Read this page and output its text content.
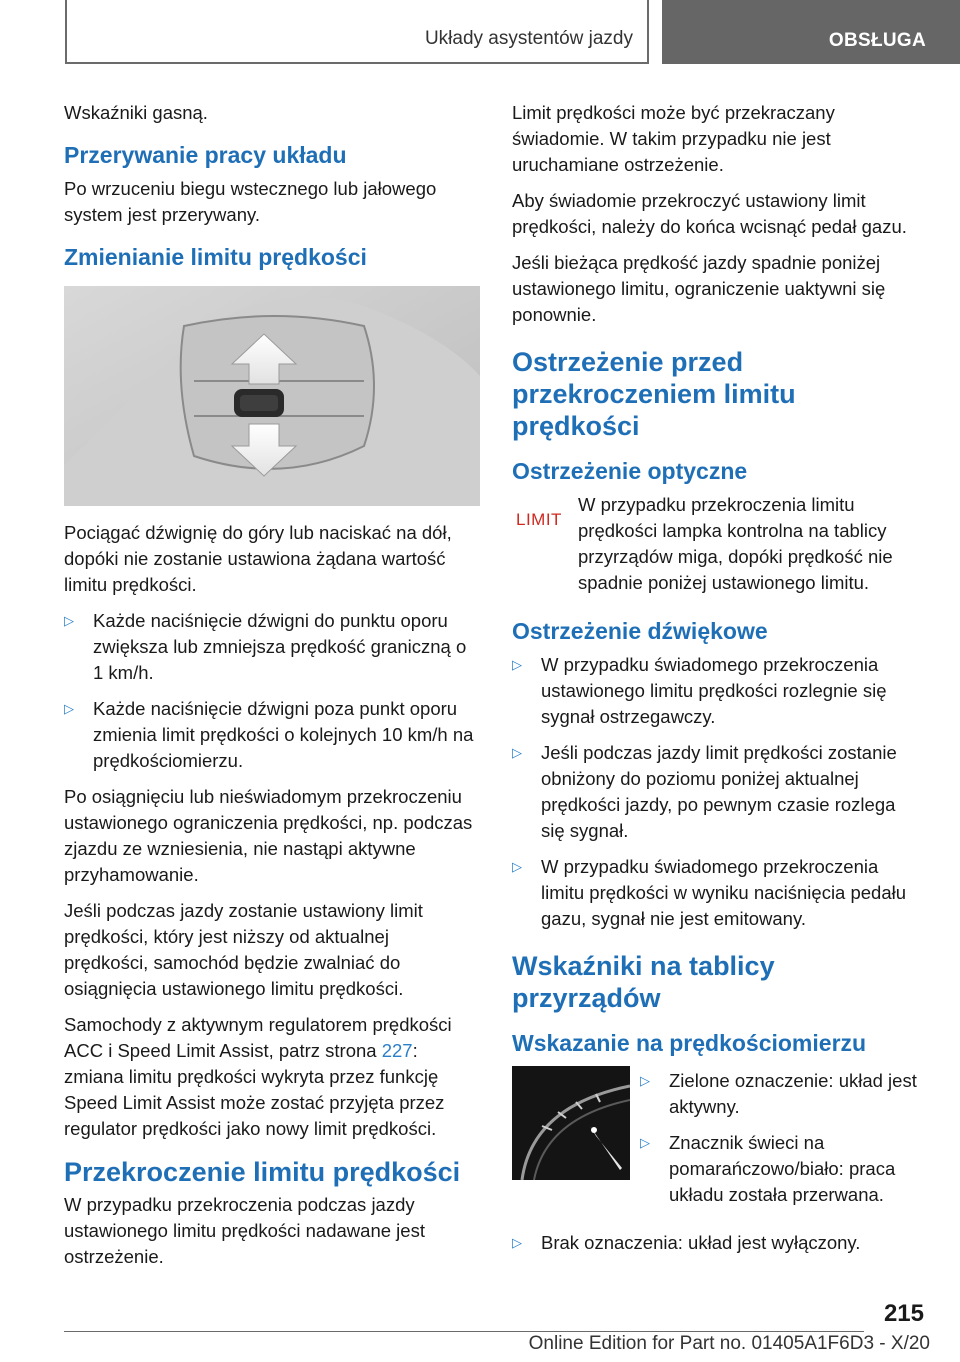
Układy asystentów jazdy	OBSŁUGA

Wskaźniki gasną.

Przerywanie pracy układu

Po wrzuceniu biegu wstecznego lub jałowego system jest przerywany.

Zmienianie limitu prędkości

Pociągać dźwignię do góry lub naciskać na dół, dopóki nie zostanie ustawiona żądana wartość limitu prędkości.

▷ Każde naciśnięcie dźwigni do punktu oporu zwiększa lub zmniejsza prędkość graniczną o 1 km/h.
▷ Każde naciśnięcie dźwigni poza punkt oporu zmienia limit prędkości o kolejnych 10 km/h na prędkościomierzu.

Po osiągnięciu lub nieświadomym przekroczeniu ustawionego ograniczenia prędkości, np. podczas zjazdu ze wzniesienia, nie nastąpi aktywne przyhamowanie.

Jeśli podczas jazdy zostanie ustawiony limit prędkości, który jest niższy od aktualnej prędkości, samochód będzie zwalniać do osiągnięcia ustawionego limitu prędkości.

Samochody z aktywnym regulatorem prędkości ACC i Speed Limit Assist, patrz strona 227: zmiana limitu prędkości wykryta przez funkcję Speed Limit Assist może zostać przyjęta przez regulator prędkości jako nowy limit prędkości.

Przekroczenie limitu prędkości

W przypadku przekroczenia podczas jazdy ustawionego limitu prędkości nadawane jest ostrzeżenie.

Limit prędkości może być przekraczany świadomie. W takim przypadku nie jest uruchamiane ostrzeżenie.

Aby świadomie przekroczyć ustawiony limit prędkości, należy do końca wcisnąć pedał gazu.

Jeśli bieżąca prędkość jazdy spadnie poniżej ustawionego limitu, ograniczenie uaktywni się ponownie.

Ostrzeżenie przed przekroczeniem limitu prędkości
Ostrzeżenie optyczne
LIMIT

W przypadku przekroczenia limitu prędkości lampka kontrolna na tablicy przyrządów miga, dopóki prędkość nie spadnie poniżej ustawionego limitu.

Ostrzeżenie dźwiękowe
▷ W przypadku świadomego przekroczenia ustawionego limitu prędkości rozlegnie się sygnał ostrzegawczy.
▷ Jeśli podczas jazdy limit prędkości zostanie obniżony do poziomu poniżej aktualnej prędkości jazdy, po pewnym czasie rozlega się sygnał.
▷ W przypadku świadomego przekroczenia limitu prędkości w wyniku naciśnięcia pedału gazu, sygnał nie jest emitowany.
Wskaźniki na tablicy przyrządów
Wskazanie na prędkościomierzu
▷ Zielone oznaczenie: układ jest aktywny.
▷ Znacznik świeci na pomarańczowo/biało: praca układu została przerwana.
▷ Brak oznaczenia: układ jest wyłączony.
215
Online Edition for Part no. 01405A1F6D3 - X/20
